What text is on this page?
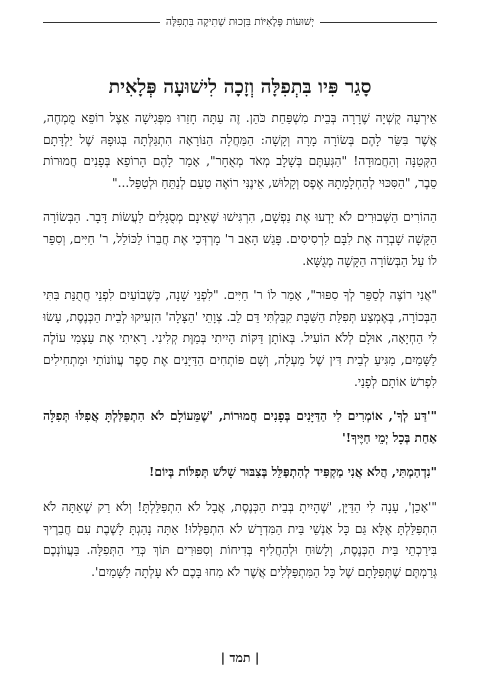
יְשׁוּעוֹת פְּלָאִיּוֹת בִּזְכוּת שְׁתִיקָה בִּתְפִלָּה
סָגַר פִּיו בִּתְפִלָּה וְזָכָה לִישׁוּעָה פְּלָאִית

אֵירְעָה קֻשְׁיָה שֶׁרָרָה בְּבֵית מִשְׁפַּחַת כֹּהֵן. זֶה עַתָּה חָזַרוּ מִפְּגִישָׁה אֵצֶל רוֹפֵא מֻמְחֶה, אֲשֶׁר בִּשֵּׂר לָהֶם בְּשׂוֹרָה מָרָה וְקָשָׁה: הַמַּחֲלָה הַנּוֹרָאָה הִתְגַּלְּתָה בְּגוּפָהּ שֶׁל יַלְדָּתָם הַקְּטַנָּה וְהַחֲמוּדָה! "הַגְּעַתֶּם בְּשָׁלָב מְאֹד מְאֻחָר", אָמַר לָהֶם הָרוֹפֵא בְּפָנִים חֲמוּרוֹת סֵבֶר, "הַסִּכּוּי לְהַחְלָמָתָהּ אֶפֶס וְקָלוּשׁ, אֵינֶנִּי רוֹאֶה טַעַם לְנַתֵּחַ וּלְטַפֵּל..."

הַהוֹרִים הַשְּׁבוּרִים לֹא יָדְעוּ אֶת נַפְשָׁם, הִרְגִּישׁוּ שֶׁאֵינָם מְסֻגָּלִים לַעֲשׂוֹת דָּבָר. הַבְּשׂוֹרָה הַקָּשָׁה שָׁבְרָה אֶת לִבָּם לִרְסִיסִים. פָּגַשׁ הָאַב ר' מָרְדְּכַי אֶת חֲבֵרוֹ לַכּוֹלֵל, ר' חַיִּים, וְסִפֵּר לוֹ עַל הַבְּשׂוֹרָה הַקָּשָׁה מְגֻשָּׁא.

"אֲנִי רוֹצֶה לְסַפֵּר לְךָ סִפּוּר", אָמַר לוֹ ר' חַיִּים. "לִפְנֵי שָׁנָה, כְּשֶׁבוֹעַיִם לִפְנֵי חֲתֻנַּת בִּתִּי הַבְּכוֹרָה, בְּאֶמְצַע תְּפִלַּת הַשַּׁבָּת קִבַּלְתִּי דֵּם לֵב. צְוָתֵי 'הַצָּלָה' הִזְעִיקוּ לְבֵית הַכְּנֶסֶת, עָשׂוּ לִי הַחְיָאָה, אוּלָם לְלֹא הוֹעִיל. בְּאוֹתָן דַּקּוֹת הָיִיתִי בְּמַוֶּת קְלִינִי. רָאִיתִי אֶת עַצְמִי עוֹלֶה לַשָּׁמַיִם, מַגִּיעַ לְבֵית דִּין שֶׁל מַעְלָה, וְשָׁם פּוֹתְחִים הַדַּיָּנִים אֶת סֵפֶר עֲווֹנוֹתַי וּמַתְחִילִים לִפְרֹשׂ אוֹתָם לְפָנַי.

"'דַּע לְךָ', אוֹמְרִים לִי הַדַּיָּנִים בְּפָנִים חֲמוּרוֹת, 'שֶׁמֵּעוֹלָם לֹא הִתְפַּלַּלְתָּ אֲפִלּוּ תְּפִלָּה אַחַת בְּכָל יְמֵי חַיֶּיךָ!'

"נִדְהַמְתִּי, הֲלֹא אֲנִי מַקְפִּיד לְהִתְפַּלֵּל בְּצִבּוּר שָׁלֹשׁ תְּפִלּוֹת בְּיוֹם!

"'אָכֵן', עָנָה לִי הַדַּיָּן, 'שֶׁהָיִיתָ בְּבֵית הַכְּנֶסֶת, אֲבָל לֹא הִתְפַּלַּלְתָּ! וְלֹא רַק שֶׁאַתָּה לֹא הִתְפַּלַּלְתָּ אֶלָּא גַּם כָּל אַנְשֵׁי בֵּית הַמִּדְרָשׁ לֹא הִתְפַּלְּלוּ! אַתָּה נָהַגְתָּ לָשֶׁבֶת עִם חֲבֵרֶיךָ בִּירַכְתֵי בֵּית הַכְּנֶסֶת, וְלָשׂוּחַ וּלְהַחֲלִיף בְּדִיחוֹת וְסִפּוּרִים תּוֹךְ כְּדֵי הַתְּפִלָּה. בַּעֲווֹנְכֶם גְּרַמְתֶּם שֶׁתְּפִלָּתָם שֶׁל כָּל הַמִּתְפַּלְּלִים אֲשֶׁר לֹא מִחוּ בָּכֶם לֹא עָלְתָה לַשָּׁמַיִם'.

| תמד |
